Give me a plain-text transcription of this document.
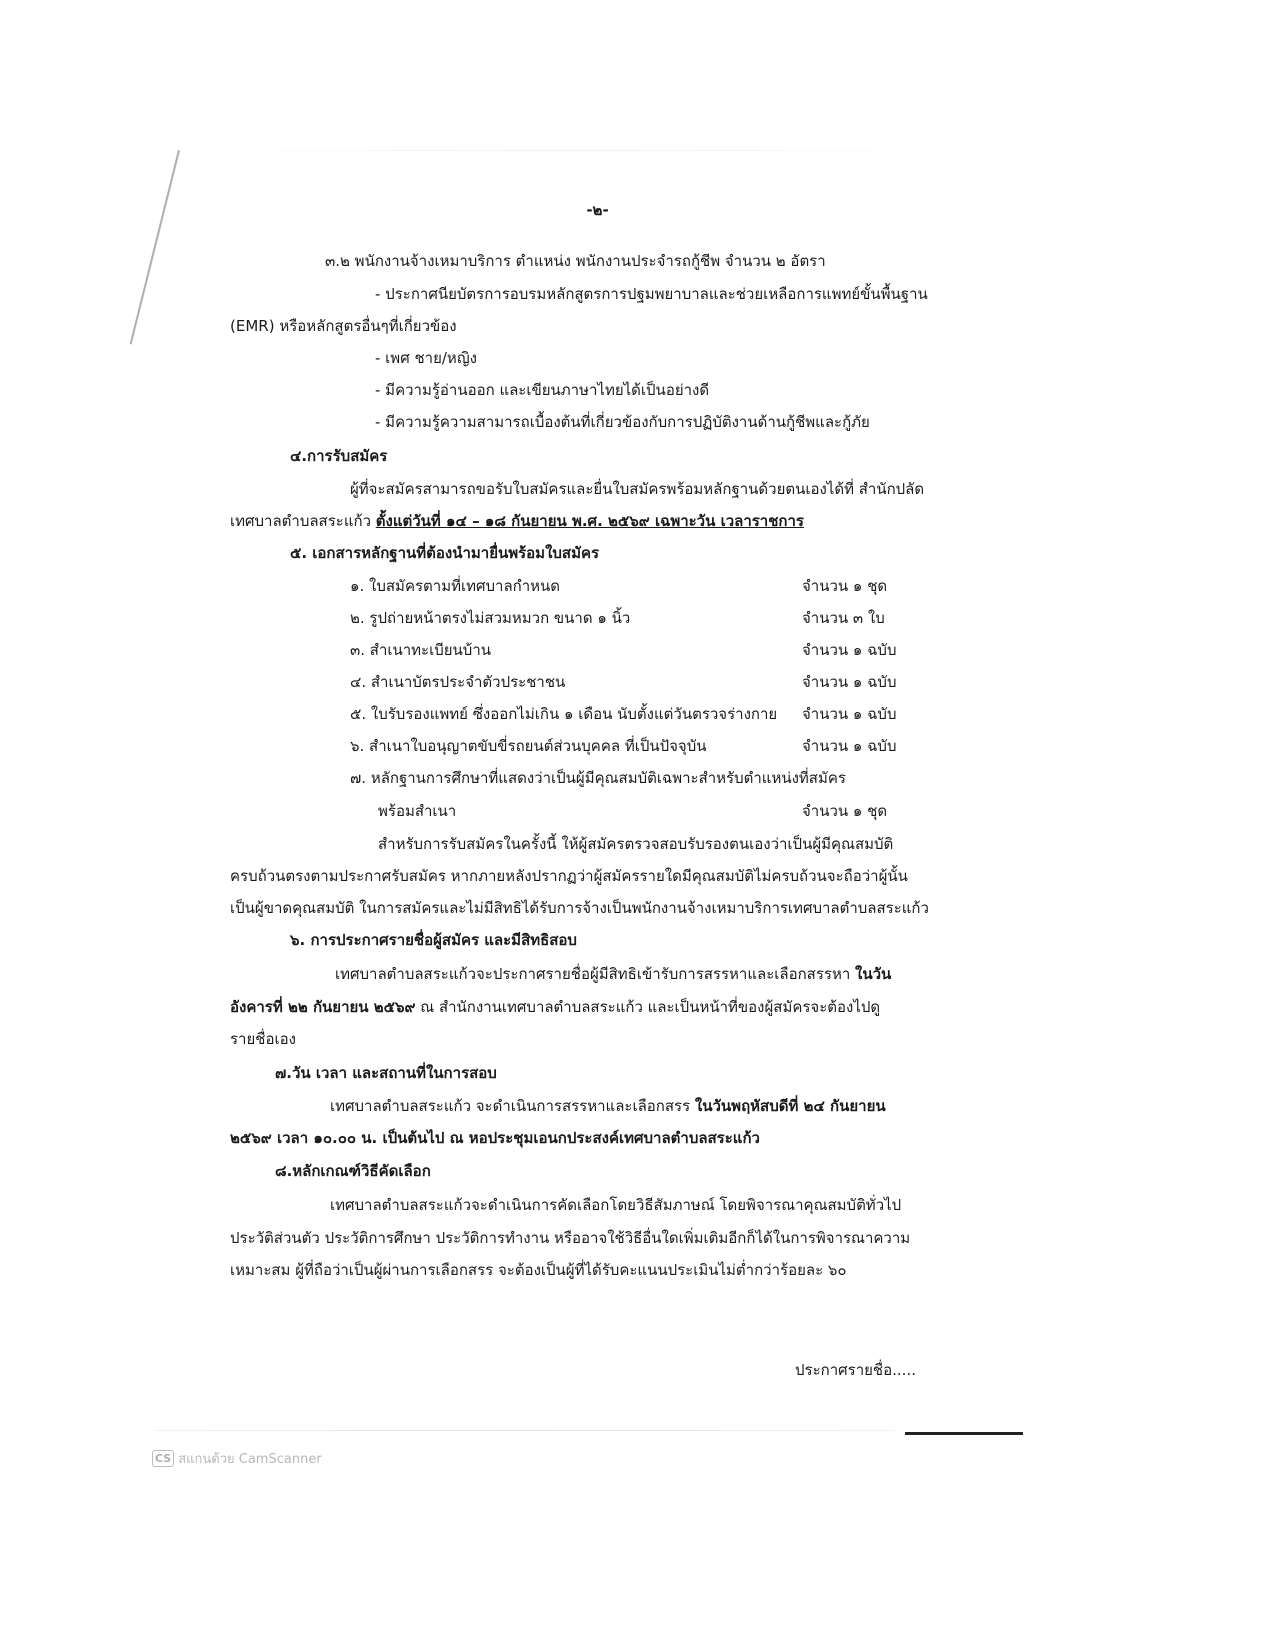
-๒-
๓.๒ พนักงานจ้างเหมาบริการ ตำแหน่ง พนักงานประจำรถกู้ชีพ จำนวน ๒ อัตรา
- ประกาศนียบัตรการอบรมหลักสูตรการปฐมพยาบาลและช่วยเหลือการแพทย์ขั้นพื้นฐาน
(EMR) หรือหลักสูตรอื่นๆที่เกี่ยวข้อง
- เพศ ชาย/หญิง
- มีความรู้อ่านออก และเขียนภาษาไทยได้เป็นอย่างดี
- มีความรู้ความสามารถเบื้องต้นที่เกี่ยวข้องกับการปฏิบัติงานด้านกู้ชีพและกู้ภัย
๔.การรับสมัคร
ผู้ที่จะสมัครสามารถขอรับใบสมัครและยื่นใบสมัครพร้อมหลักฐานด้วยตนเองได้ที่ สำนักปลัด
เทศบาลตำบลสระแก้ว ตั้งแต่วันที่ ๑๔ – ๑๘ กันยายน พ.ศ. ๒๕๖๙ เฉพาะวัน เวลาราชการ
๕. เอกสารหลักฐานที่ต้องนำมายื่นพร้อมใบสมัคร
๑. ใบสมัครตามที่เทศบาลกำหนด	จำนวน ๑ ชุด
๒. รูปถ่ายหน้าตรงไม่สวมหมวก ขนาด ๑ นิ้ว	จำนวน ๓ ใบ
๓. สำเนาทะเบียนบ้าน	จำนวน ๑ ฉบับ
๔. สำเนาบัตรประจำตัวประชาชน	จำนวน ๑ ฉบับ
๕. ใบรับรองแพทย์ ซึ่งออกไม่เกิน ๑ เดือน นับตั้งแต่วันตรวจร่างกาย จำนวน ๑ ฉบับ
๖. สำเนาใบอนุญาตขับขี่รถยนต์ส่วนบุคคล ที่เป็นปัจจุบัน	จำนวน ๑ ฉบับ
๗. หลักฐานการศึกษาที่แสดงว่าเป็นผู้มีคุณสมบัติเฉพาะสำหรับตำแหน่งที่สมัคร
พร้อมสำเนา	จำนวน ๑ ชุด
สำหรับการรับสมัครในครั้งนี้ ให้ผู้สมัครตรวจสอบรับรองตนเองว่าเป็นผู้มีคุณสมบัติ
ครบถ้วนตรงตามประกาศรับสมัคร หากภายหลังปรากฏว่าผู้สมัครรายใดมีคุณสมบัติไม่ครบถ้วนจะถือว่าผู้นั้น
เป็นผู้ขาดคุณสมบัติ ในการสมัครและไม่มีสิทธิได้รับการจ้างเป็นพนักงานจ้างเหมาบริการเทศบาลตำบลสระแก้ว
๖. การประกาศรายชื่อผู้สมัคร และมีสิทธิสอบ
เทศบาลตำบลสระแก้วจะประกาศรายชื่อผู้มีสิทธิเข้ารับการสรรหาและเลือกสรรหา ในวัน
อังคารที่ ๒๒ กันยายน ๒๕๖๙ ณ สำนักงานเทศบาลตำบลสระแก้ว และเป็นหน้าที่ของผู้สมัครจะต้องไปดู
รายชื่อเอง
๗.วัน เวลา และสถานที่ในการสอบ
เทศบาลตำบลสระแก้ว จะดำเนินการสรรหาและเลือกสรร ในวันพฤหัสบดีที่ ๒๔ กันยายน
๒๕๖๙ เวลา ๑๐.๐๐ น. เป็นต้นไป ณ หอประชุมเอนกประสงค์เทศบาลตำบลสระแก้ว
๘.หลักเกณฑ์วิธีคัดเลือก
เทศบาลตำบลสระแก้วจะดำเนินการคัดเลือกโดยวิธีสัมภาษณ์ โดยพิจารณาคุณสมบัติทั่วไป
ประวัติส่วนตัว ประวัติการศึกษา ประวัติการทำงาน หรืออาจใช้วิธีอื่นใดเพิ่มเติมอีกก็ได้ในการพิจารณาความ
เหมาะสม ผู้ที่ถือว่าเป็นผู้ผ่านการเลือกสรร จะต้องเป็นผู้ที่ได้รับคะแนนประเมินไม่ต่ำกว่าร้อยละ ๖๐
ประกาศรายชื่อ.....
CS สแกนด้วย CamScanner
